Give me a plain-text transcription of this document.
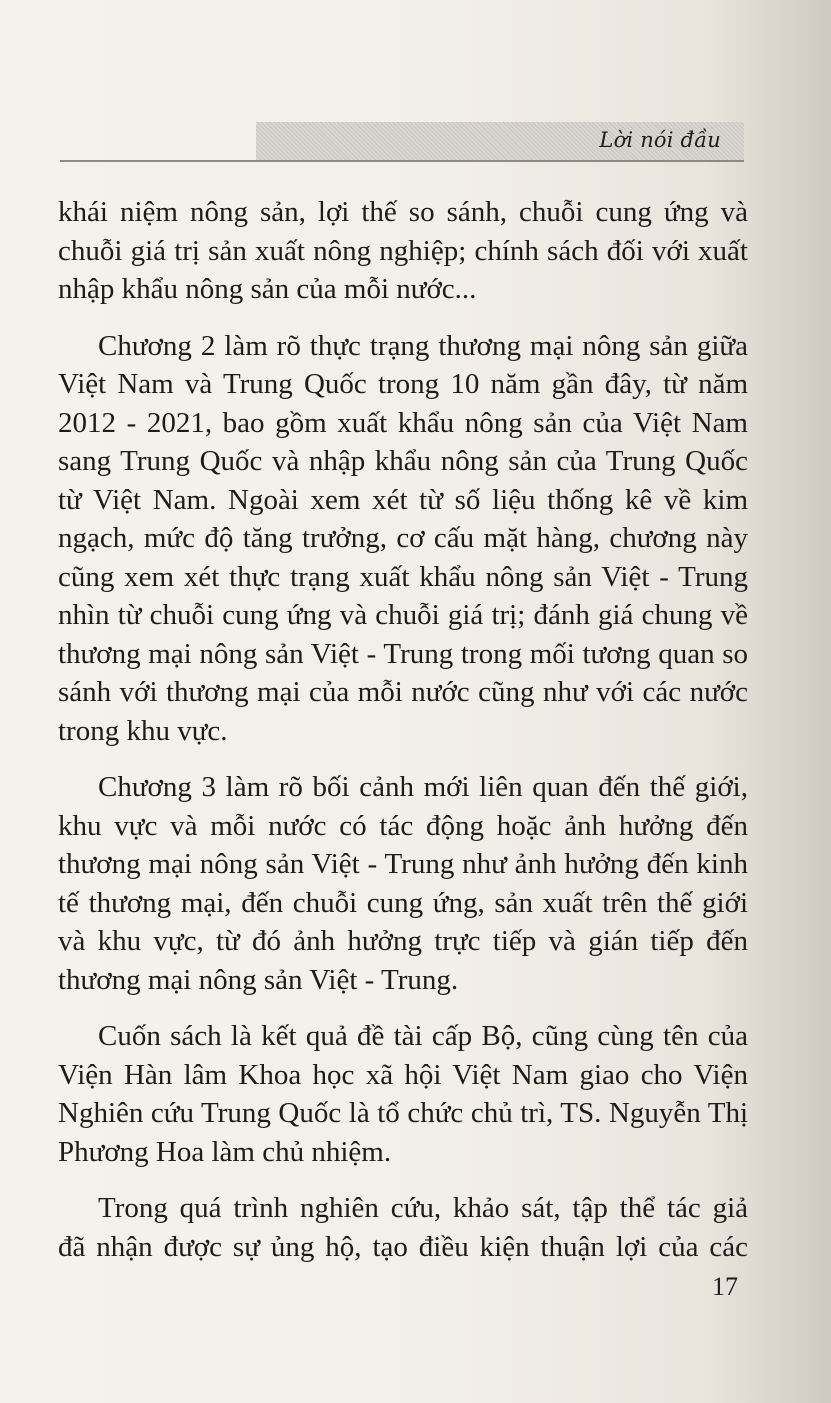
Lời nói đầu

khái niệm nông sản, lợi thế so sánh, chuỗi cung ứng và
chuỗi giá trị sản xuất nông nghiệp; chính sách đối với xuất
nhập khẩu nông sản của mỗi nước...

Chương 2 làm rõ thực trạng thương mại nông sản giữa
Việt Nam và Trung Quốc trong 10 năm gần đây, từ năm
2012 - 2021, bao gồm xuất khẩu nông sản của Việt Nam
sang Trung Quốc và nhập khẩu nông sản của Trung Quốc
từ Việt Nam. Ngoài xem xét từ số liệu thống kê về kim
ngạch, mức độ tăng trưởng, cơ cấu mặt hàng, chương này
cũng xem xét thực trạng xuất khẩu nông sản Việt - Trung
nhìn từ chuỗi cung ứng và chuỗi giá trị; đánh giá chung về
thương mại nông sản Việt - Trung trong mối tương quan so
sánh với thương mại của mỗi nước cũng như với các nước
trong khu vực.

Chương 3 làm rõ bối cảnh mới liên quan đến thế giới,
khu vực và mỗi nước có tác động hoặc ảnh hưởng đến
thương mại nông sản Việt - Trung như ảnh hưởng đến kinh
tế thương mại, đến chuỗi cung ứng, sản xuất trên thế giới
và khu vực, từ đó ảnh hưởng trực tiếp và gián tiếp đến
thương mại nông sản Việt - Trung.

Cuốn sách là kết quả đề tài cấp Bộ, cũng cùng tên của
Viện Hàn lâm Khoa học xã hội Việt Nam giao cho Viện
Nghiên cứu Trung Quốc là tổ chức chủ trì, TS. Nguyễn Thị
Phương Hoa làm chủ nhiệm.

Trong quá trình nghiên cứu, khảo sát, tập thể tác giả
đã nhận được sự ủng hộ, tạo điều kiện thuận lợi của các

17
